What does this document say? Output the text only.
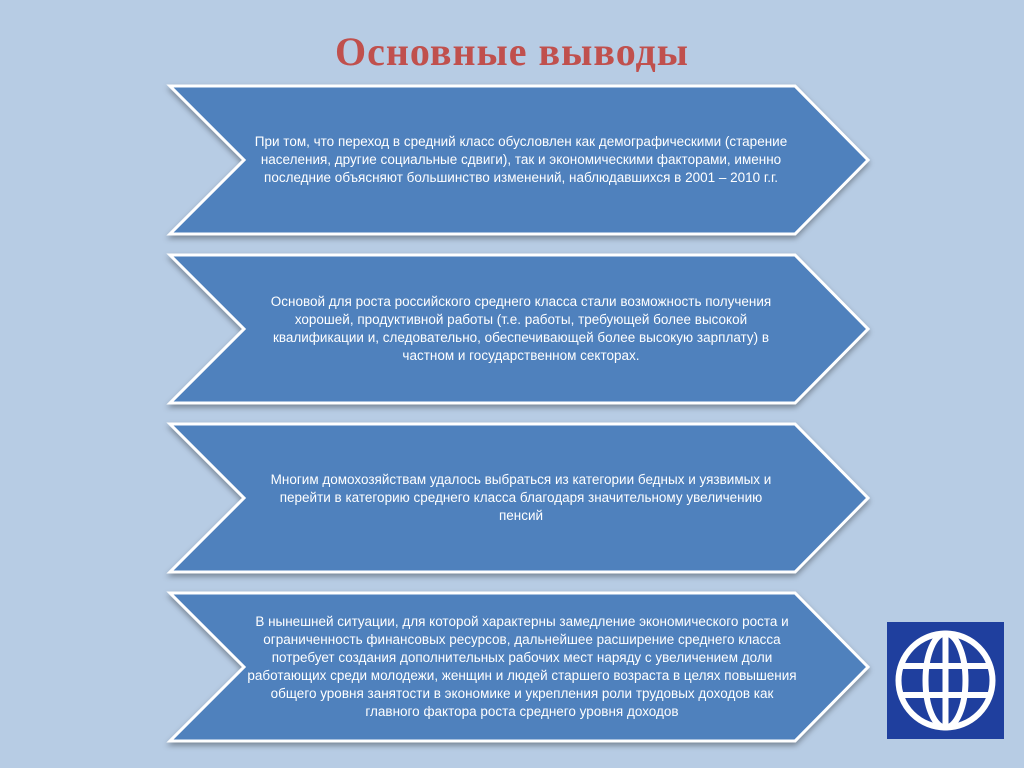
Основные выводы
При том, что переход в средний класс обусловлен как демографическими (старение населения, другие социальные сдвиги), так и экономическими факторами, именно последние объясняют большинство изменений, наблюдавшихся в 2001 – 2010 г.г.
Основой для роста российского среднего класса стали возможность получения хорошей, продуктивной работы (т.е. работы, требующей более высокой квалификации и, следовательно, обеспечивающей более высокую зарплату) в частном и государственном секторах.
Многим домохозяйствам удалось выбраться из категории бедных и уязвимых и перейти в категорию среднего класса благодаря значительному увеличению пенсий
В нынешней ситуации, для которой характерны замедление экономического роста и ограниченность финансовых ресурсов, дальнейшее расширение среднего класса потребует создания дополнительных рабочих мест наряду с увеличением доли работающих среди молодежи, женщин и людей старшего возраста в целях повышения общего уровня занятости в экономике и укрепления роли трудовых доходов как главного фактора роста среднего уровня доходов
